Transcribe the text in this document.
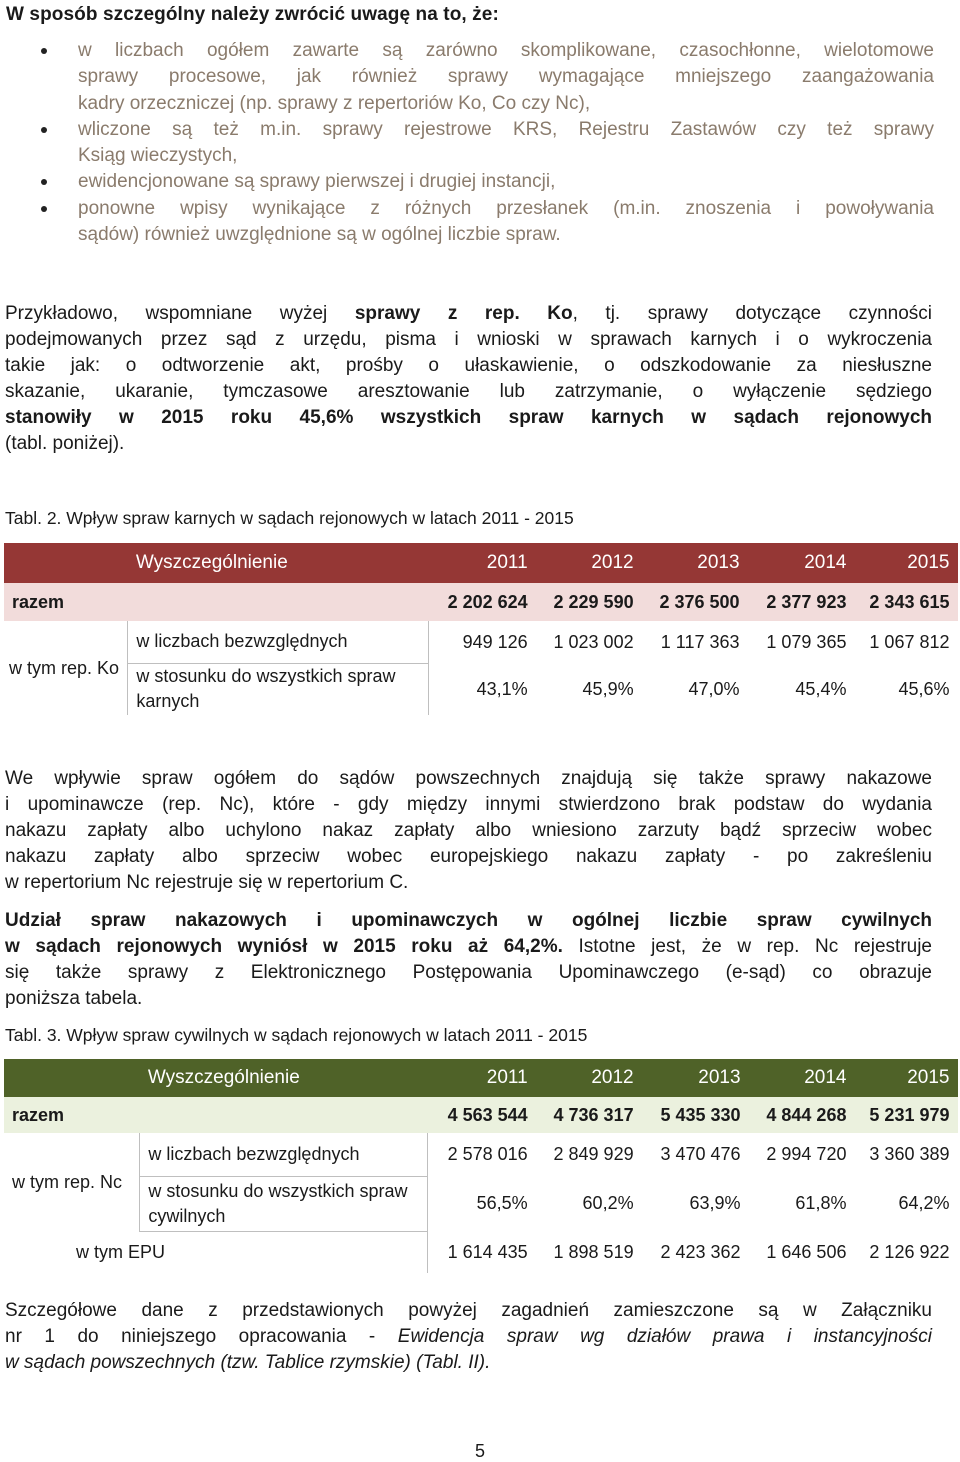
W sposób szczególny należy zwrócić uwagę na to, że:
w liczbach ogółem zawarte są zarówno skomplikowane, czasochłonne, wielotomowe
sprawy procesowe, jak również sprawy wymagające mniejszego zaangażowania
kadry orzeczniczej (np. sprawy z repertoriów Ko, Co czy Nc),
wliczone są też m.in. sprawy rejestrowe KRS, Rejestru Zastawów czy też sprawy
Ksiąg wieczystych,
ewidencjonowane są sprawy pierwszej i drugiej instancji,
ponowne wpisy wynikające z różnych przesłanek (m.in. znoszenia i powoływania
sądów) również uwzględnione są w ogólnej liczbie spraw.
Przykładowo, wspomniane wyżej sprawy z rep. Ko, tj. sprawy dotyczące czynności
podejmowanych przez sąd z urzędu, pisma i wnioski w sprawach karnych i o wykroczenia
takie jak: o odtworzenie akt, prośby o ułaskawienie, o odszkodowanie za niesłuszne
skazanie, ukaranie, tymczasowe aresztowanie lub zatrzymanie, o wyłączenie sędziego
stanowiły w 2015 roku 45,6% wszystkich spraw karnych w sądach rejonowych
(tabl. poniżej).
Tabl. 2. Wpływ spraw karnych w sądach rejonowych w latach 2011 - 2015
	Wyszczególnienie	2011	2012	2013	2014	2015
razem		2 202 624	2 229 590	2 376 500	2 377 923	2 343 615
w tym rep. Ko	w liczbach bezwzględnych	949 126	1 023 002	1 117 363	1 079 365	1 067 812
	w stosunku do wszystkich spraw karnych	43,1%	45,9%	47,0%	45,4%	45,6%
We wpływie spraw ogółem do sądów powszechnych znajdują się także sprawy nakazowe
i upominawcze (rep. Nc), które - gdy między innymi stwierdzono brak podstaw do wydania
nakazu zapłaty albo uchylono nakaz zapłaty albo wniesiono zarzuty bądź sprzeciw wobec
nakazu zapłaty albo sprzeciw wobec europejskiego nakazu zapłaty - po zakreśleniu
w repertorium Nc rejestruje się w repertorium C.
Udział spraw nakazowych i upominawczych w ogólnej liczbie spraw cywilnych
w sądach rejonowych wyniósł w 2015 roku aż 64,2%. Istotne jest, że w rep. Nc rejestruje
się także sprawy z Elektronicznego Postępowania Upominawczego (e-sąd) co obrazuje
poniższa tabela.
Tabl. 3. Wpływ spraw cywilnych w sądach rejonowych w latach 2011 - 2015
	Wyszczególnienie	2011	2012	2013	2014	2015
razem		4 563 544	4 736 317	5 435 330	4 844 268	5 231 979
w tym rep. Nc	w liczbach bezwzględnych	2 578 016	2 849 929	3 470 476	2 994 720	3 360 389
	w stosunku do wszystkich spraw cywilnych	56,5%	60,2%	63,9%	61,8%	64,2%
w tym EPU		1 614 435	1 898 519	2 423 362	1 646 506	2 126 922
Szczegółowe dane z przedstawionych powyżej zagadnień zamieszczone są w Załączniku
nr 1 do niniejszego opracowania - Ewidencja spraw wg działów prawa i instancyjności
w sądach powszechnych (tzw. Tablice rzymskie) (Tabl. II).
5
